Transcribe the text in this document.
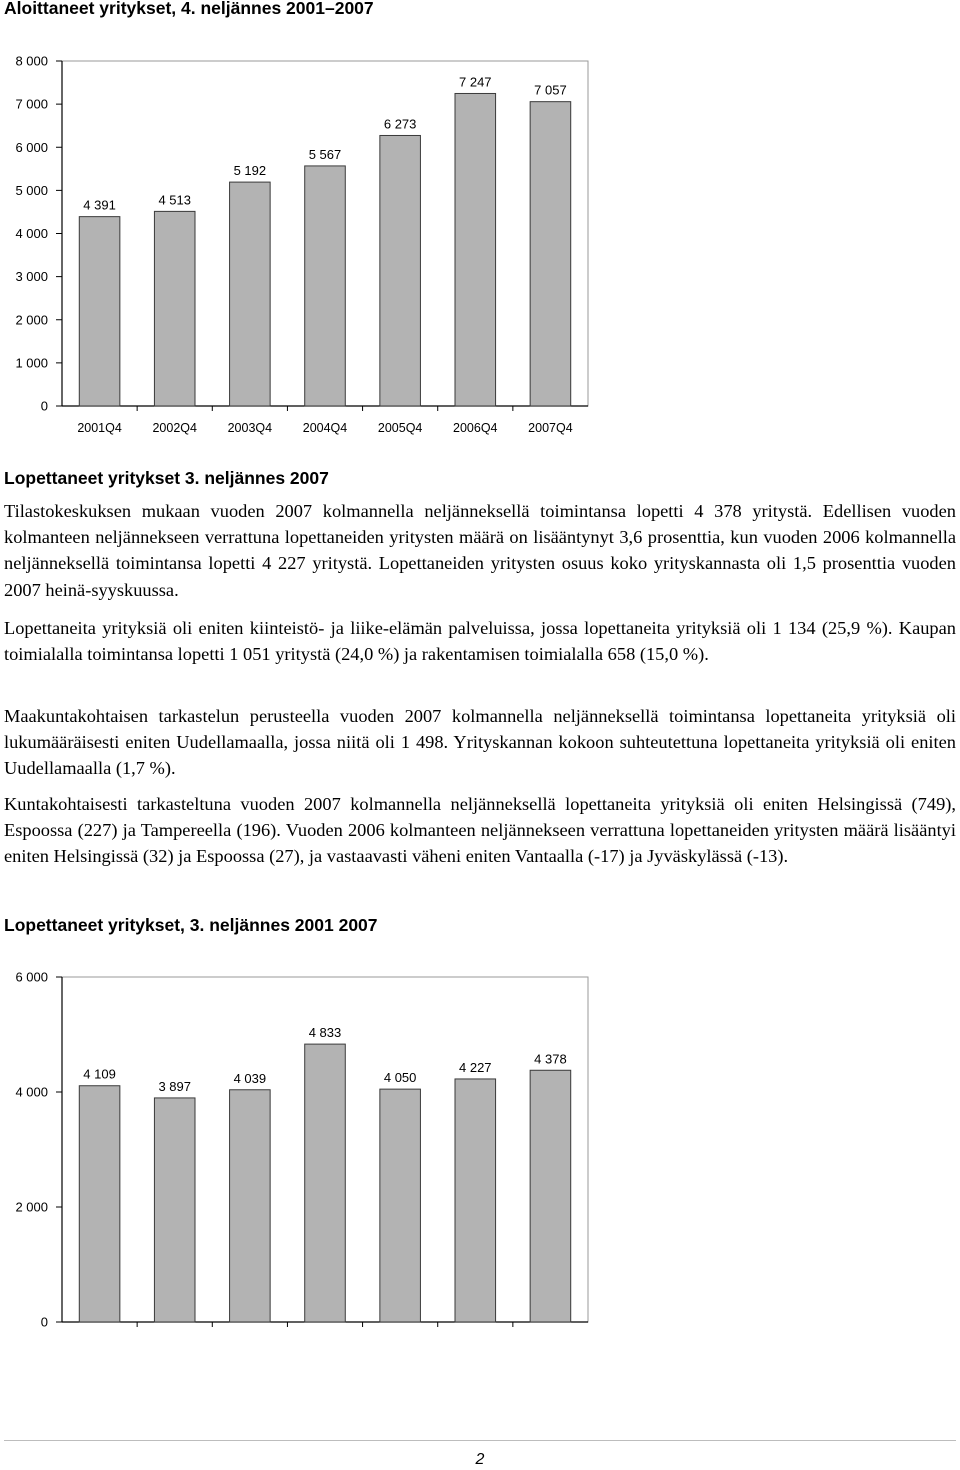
Aloittaneet yritykset, 4. neljännes 2001–2007
0
1 000
2 000
3 000
4 000
5 000
6 000
7 000
8 000
4 391
2001Q4
4 513
2002Q4
5 192
2003Q4
5 567
2004Q4
6 273
2005Q4
7 247
2006Q4
7 057
2007Q4
Lopettaneet yritykset 3. neljännes 2007

Tilastokeskuksen mukaan vuoden 2007 kolmannella neljänneksellä toimintansa lopetti 4 378 yritystä. Edellisen vuoden kolmanteen neljännekseen verrattuna lopettaneiden yritysten määrä on lisääntynyt 3,6 prosenttia, kun vuoden 2006 kolmannella neljänneksellä toimintansa lopetti 4 227 yritystä. Lopettaneiden yritysten osuus koko yrityskannasta oli 1,5 prosenttia vuoden 2007 heinä-syyskuussa.

Lopettaneita yrityksiä oli eniten kiinteistö- ja liike-elämän palveluissa, jossa lopettaneita yrityksiä oli 1 134 (25,9 %). Kaupan toimialalla toimintansa lopetti 1 051 yritystä (24,0 %) ja rakentamisen toimialalla 658 (15,0 %).

Maakuntakohtaisen tarkastelun perusteella vuoden 2007 kolmannella neljänneksellä toimintansa lopettaneita yrityksiä oli lukumääräisesti eniten Uudellamaalla, jossa niitä oli 1 498. Yrityskannan kokoon suhteutettuna lopettaneita yrityksiä oli eniten Uudellamaalla (1,7 %).

Kuntakohtaisesti tarkasteltuna vuoden 2007 kolmannella neljänneksellä lopettaneita yrityksiä oli eniten Helsingissä (749), Espoossa (227) ja Tampereella (196). Vuoden 2006 kolmanteen neljännekseen verrattuna lopettaneiden yritysten määrä lisääntyi eniten Helsingissä (32) ja Espoossa (27), ja vastaavasti väheni eniten Vantaalla (-17) ja Jyväskylässä (-13).

Lopettaneet yritykset, 3. neljännes 2001 2007
0
2 000
4 000
6 000
4 109
3 897
4 039
4 833
4 050
4 227
4 378
2
